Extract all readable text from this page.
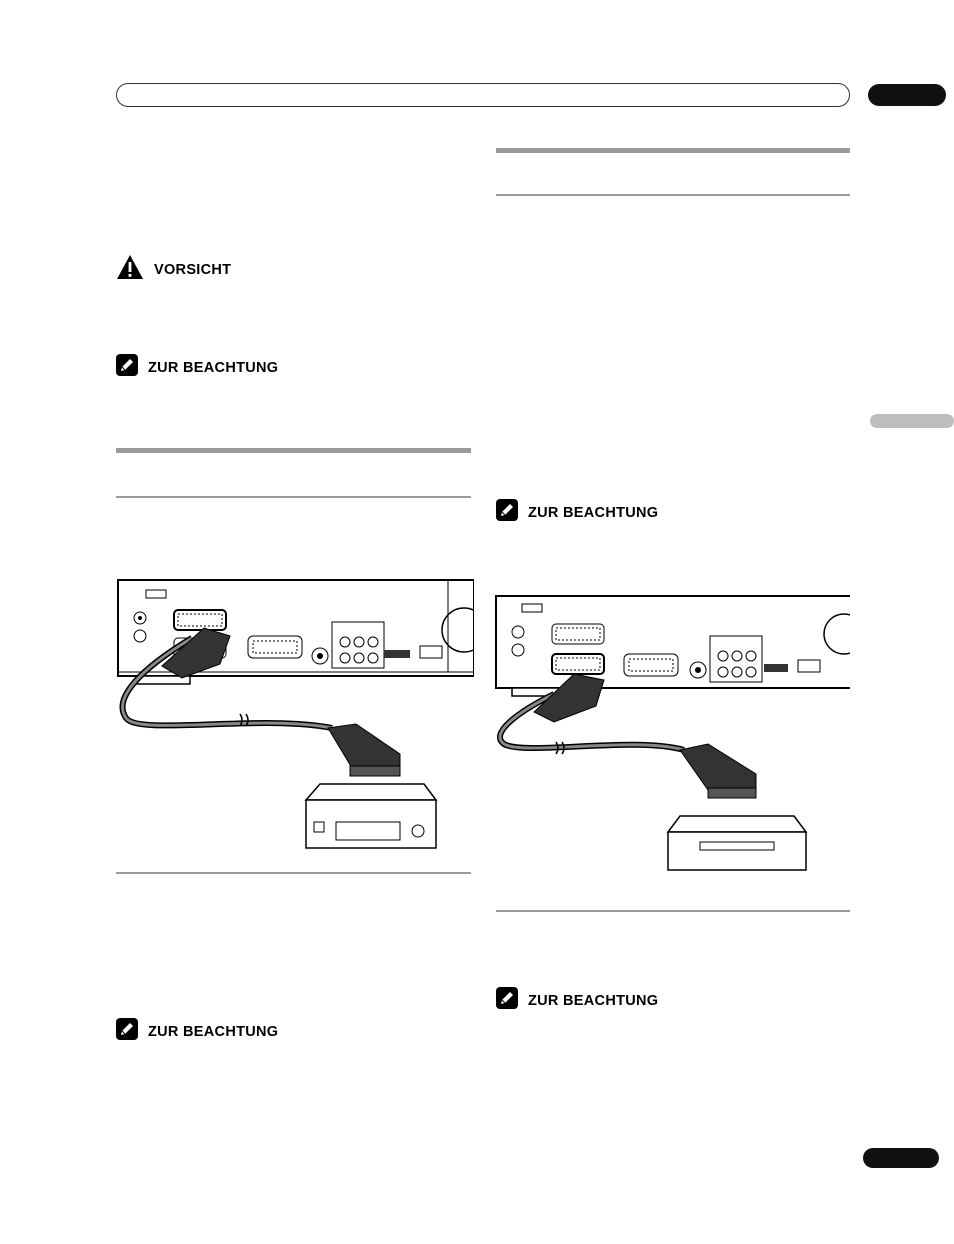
VORSICHT
ZUR BEACHTUNG
ZUR BEACHTUNG
ZUR BEACHTUNG
ZUR BEACHTUNG
